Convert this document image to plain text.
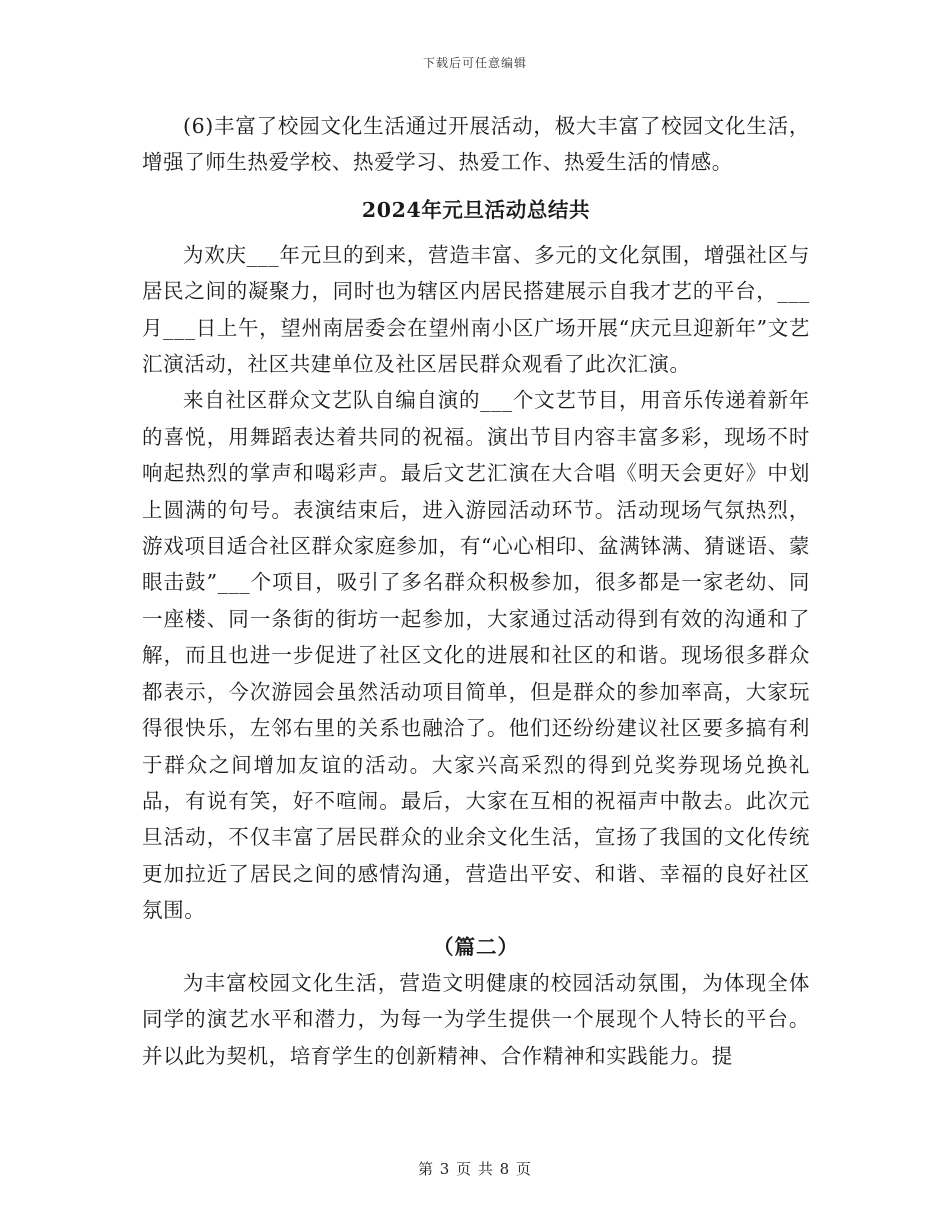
下载后可任意编辑

(6)丰富了校园文化生活通过开展活动，极大丰富了校园文化生活，增强了师生热爱学校、热爱学习、热爱工作、热爱生活的情感。

2024年元旦活动总结共

为欢庆___年元旦的到来，营造丰富、多元的文化氛围，增强社区与居民之间的凝聚力，同时也为辖区内居民搭建展示自我才艺的平台，___月___日上午，望州南居委会在望州南小区广场开展“庆元旦迎新年”文艺汇演活动，社区共建单位及社区居民群众观看了此次汇演。

来自社区群众文艺队自编自演的___个文艺节目，用音乐传递着新年的喜悦，用舞蹈表达着共同的祝福。演出节目内容丰富多彩，现场不时响起热烈的掌声和喝彩声。最后文艺汇演在大合唱《明天会更好》中划上圆满的句号。表演结束后，进入游园活动环节。活动现场气氛热烈，游戏项目适合社区群众家庭参加，有“心心相印、盆满钵满、猜谜语、蒙眼击鼓”___个项目，吸引了多名群众积极参加，很多都是一家老幼、同一座楼、同一条街的街坊一起参加，大家通过活动得到有效的沟通和了解，而且也进一步促进了社区文化的进展和社区的和谐。现场很多群众都表示，今次游园会虽然活动项目简单，但是群众的参加率高，大家玩得很快乐，左邻右里的关系也融洽了。他们还纷纷建议社区要多搞有利于群众之间增加友谊的活动。大家兴高采烈的得到兑奖券现场兑换礼品，有说有笑，好不喧闹。最后，大家在互相的祝福声中散去。此次元旦活动，不仅丰富了居民群众的业余文化生活，宣扬了我国的文化传统更加拉近了居民之间的感情沟通，营造出平安、和谐、幸福的良好社区氛围。

（篇二）

为丰富校园文化生活，营造文明健康的校园活动氛围，为体现全体同学的演艺水平和潜力，为每一为学生提供一个展现个人特长的平台。并以此为契机，培育学生的创新精神、合作精神和实践能力。提

第 3 页 共 8 页
